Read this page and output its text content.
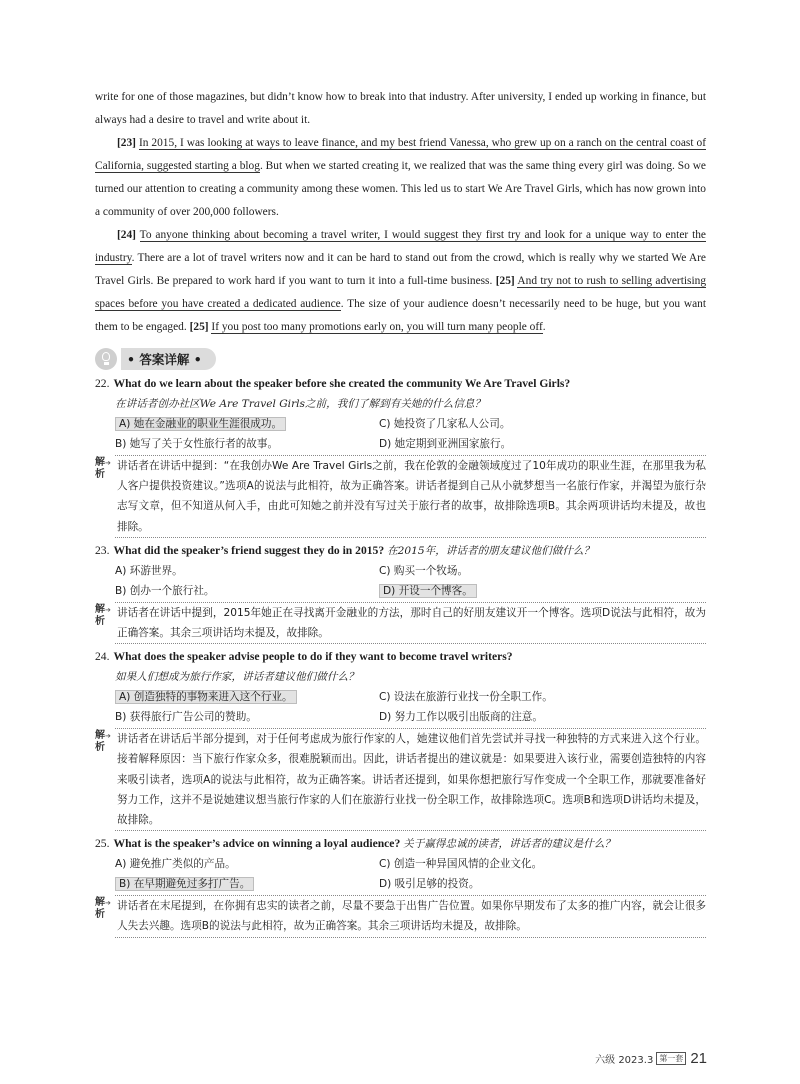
write for one of those magazines, but didn’t know how to break into that industry. After university, I ended up working in finance, but always had a desire to travel and write about it.

[23] In 2015, I was looking at ways to leave finance, and my best friend Vanessa, who grew up on a ranch on the central coast of California, suggested starting a blog. But when we started creating it, we realized that was the same thing every girl was doing. So we turned our attention to creating a community among these women. This led us to start We Are Travel Girls, which has now grown into a community of over 200,000 followers.

[24] To anyone thinking about becoming a travel writer, I would suggest they first try and look for a unique way to enter the industry. There are a lot of travel writers now and it can be hard to stand out from the crowd, which is really why we started We Are Travel Girls. Be prepared to work hard if you want to turn it into a full-time business. [25] And try not to rush to selling advertising spaces before you have created a dedicated audience. The size of your audience doesn’t necessarily need to be huge, but you want them to be engaged. [25] If you post too many promotions early on, you will turn many people off.

• 答案详解 •
22. What do we learn about the speaker before she created the community We Are Travel Girls?
在讲话者创办社区We Are Travel Girls之前，我们了解到有关她的什么信息？
A) 她在金融业的职业生涯很成功。	C) 她投资了几家私人公司。
B) 她写了关于女性旅行者的故事。	D) 她定期到亚洲国家旅行。
解析 ➔
讲话者在讲话中提到：“在我创办We Are Travel Girls之前，我在伦敦的金融领域度过了10年成功的职业生涯，在那里我为私人客户提供投资建议。”选项A的说法与此相符，故为正确答案。讲话者提到自己从小就梦想当一名旅行作家，并渴望为旅行杂志写文章，但不知道从何入手，由此可知她之前并没有写过关于旅行者的故事，故排除选项B。其余两项讲话均未提及，故也排除。
23. What did the speaker’s friend suggest they do in 2015? 在2015年，讲话者的朋友建议他们做什么？
A) 环游世界。	C) 购买一个牧场。
B) 创办一个旅行社。	D) 开设一个博客。
解析 ➔
讲话者在讲话中提到，2015年她正在寻找离开金融业的方法，那时自己的好朋友建议开一个博客。选项D说法与此相符，故为正确答案。其余三项讲话均未提及，故排除。
24. What does the speaker advise people to do if they want to become travel writers?
如果人们想成为旅行作家，讲话者建议他们做什么？
A) 创造独特的事物来进入这个行业。	C) 设法在旅游行业找一份全职工作。
B) 获得旅行广告公司的赞助。	D) 努力工作以吸引出版商的注意。
解析 ➔
讲话者在讲话后半部分提到，对于任何考虑成为旅行作家的人，她建议他们首先尝试并寻找一种独特的方式来进入这个行业。接着解释原因：当下旅行作家众多，很难脱颖而出。因此，讲话者提出的建议就是：如果要进入该行业，需要创造独特的内容来吸引读者，选项A的说法与此相符，故为正确答案。讲话者还提到，如果你想把旅行写作变成一个全职工作，那就要准备好努力工作，这并不是说她建议想当旅行作家的人们在旅游行业找一份全职工作，故排除选项C。选项B和选项D讲话均未提及，故排除。
25. What is the speaker’s advice on winning a loyal audience? 关于赢得忠诚的读者，讲话者的建议是什么？
A) 避免推广类似的产品。	C) 创造一种异国风情的企业文化。
B) 在早期避免过多打广告。	D) 吸引足够的投资。
解析 ➔
讲话者在末尾提到，在你拥有忠实的读者之前，尽量不要急于出售广告位置。如果你早期发布了太多的推广内容，就会让很多人失去兴趣。选项B的说法与此相符，故为正确答案。其余三项讲话均未提及，故排除。
六级 2023.3 第一套 21
